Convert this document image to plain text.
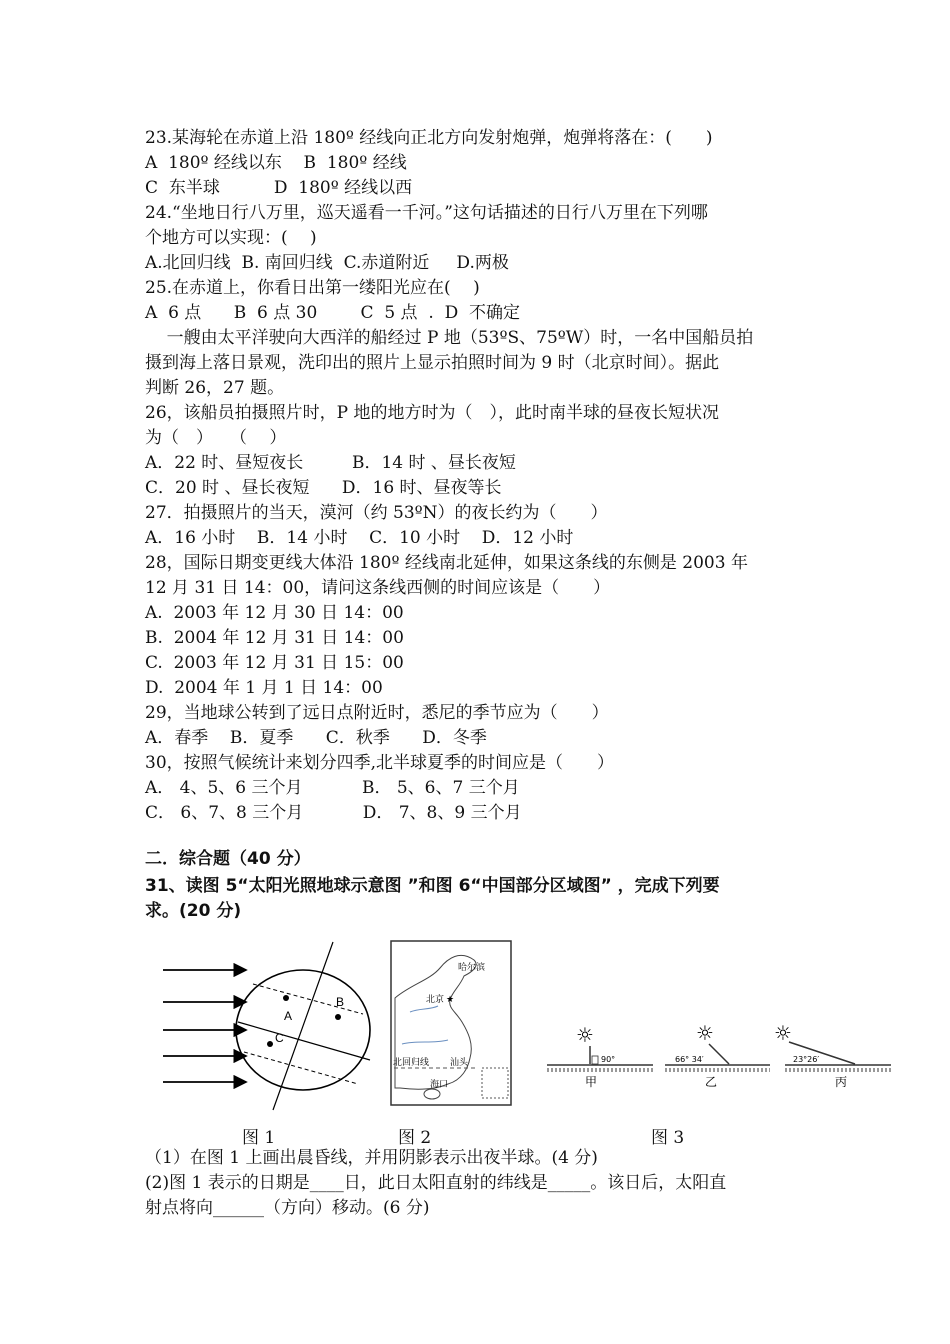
23.某海轮在赤道上沿 180º 经线向正北方向发射炮弹，炮弹将落在：(　　)
A  180º 经线以东    B  180º 经线
C  东半球          D  180º 经线以西
24.“坐地日行八万里，巡天遥看一千河。”这句话描述的日行八万里在下列哪
个地方可以实现：(　 )
A.北回归线  B. 南回归线  C.赤道附近     D.两极
25.在赤道上，你看日出第一缕阳光应在(　 )
A  6 点      B  6 点 30        C  5 点  .  D  不确定
一艘由太平洋驶向大西洋的船经过 P 地（53ºS、75ºW）时，一名中国船员拍
摄到海上落日景观，洗印出的照片上显示拍照时间为 9 时（北京时间）。据此
判断 26，27 题。
26，该船员拍摄照片时，P 地的地方时为（　），此时南半球的昼夜长短状况
为（　）　　（　 ）
A．22 时、昼短夜长         B．14 时 、昼长夜短
C．20 时 、昼长夜短      D．16 时、昼夜等长
27．拍摄照片的当天，漠河（约 53ºN）的夜长约为（　　）
A．16 小时    B．14 小时    C．10 小时    D．12 小时
28，国际日期变更线大体沿 180º 经线南北延伸，如果这条线的东侧是 2003 年
12 月 31 日 14：00，请问这条线西侧的时间应该是（　　）
A.  2003 年 12 月 30 日 14：00
B.  2004 年 12 月 31 日 14：00
C.  2003 年 12 月 31 日 15：00
D.  2004 年 1 月 1 日 14：00
29，当地球公转到了远日点附近时，悉尼的季节应为（　　）
A．春季    B．夏季      C．秋季      D．冬季
30，按照气候统计来划分四季,北半球夏季的时间应是（　　）
A． 4、5、6 三个月           B． 5、6、7 三个月
C． 6、7、8 三个月           D． 7、8、9 三个月
二．综合题（40 分）
31、读图 5“太阳光照地球示意图 ”和图 6“中国部分区域图” ，完成下列要
求。(20 分)
A
B
C
哈尔滨
北京 ★
北回归线 汕头
海口
☼
90°
甲
☼
66° 34′
乙
☼
23°26′
丙
图 1	图 2	图 3
（1）在图 1 上画出晨昏线，并用阴影表示出夜半球。(4 分)
(2)图 1 表示的日期是____日，此日太阳直射的纬线是_____。该日后，太阳直
射点将向______（方向）移动。(6 分)
